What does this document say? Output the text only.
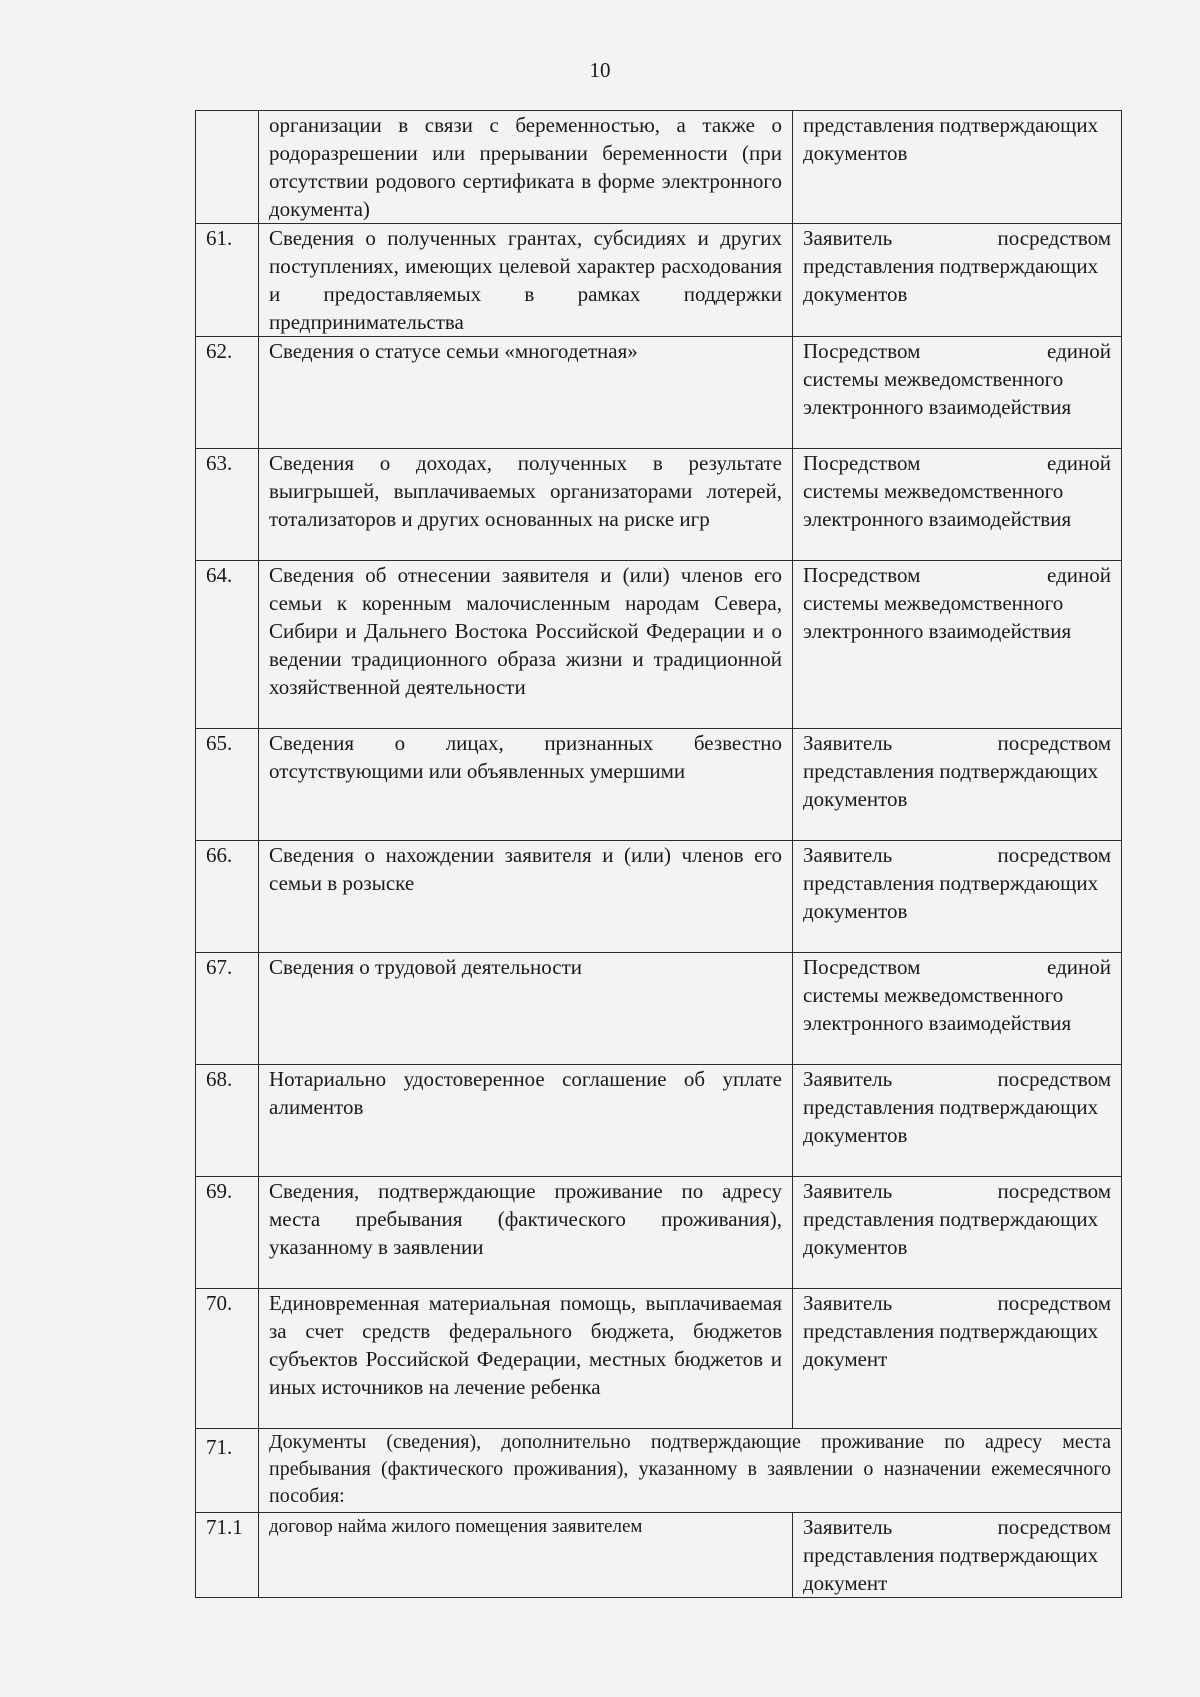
10
	организации в связи с беременностью, а также о родоразрешении или прерывании беременности (при отсутствии родового сертификата в форме электронного документа)	представления подтверждающих документов
61.	Сведения о полученных грантах, субсидиях и других поступлениях, имеющих целевой характер расходования и предоставляемых в рамках поддержки предпринимательства	Заявитель посредством
представления подтверждающих документов
62.	Сведения о статусе семьи «многодетная»	Посредством единой
системы межведомственного электронного взаимодействия
63.	Сведения о доходах, полученных в результате выигрышей, выплачиваемых организаторами лотерей, тотализаторов и других основанных на риске игр	Посредством единой
системы межведомственного электронного взаимодействия
64.	Сведения об отнесении заявителя и (или) членов его семьи к коренным малочисленным народам Севера, Сибири и Дальнего Востока Российской Федерации и о ведении традиционного образа жизни и традиционной хозяйственной деятельности	Посредством единой
системы межведомственного электронного взаимодействия
65.	Сведения о лицах, признанных безвестно отсутствующими или объявленных умершими	Заявитель посредством
представления подтверждающих документов
66.	Сведения о нахождении заявителя и (или) членов его семьи в розыске	Заявитель посредством
представления подтверждающих документов
67.	Сведения о трудовой деятельности	Посредством единой
системы межведомственного электронного взаимодействия
68.	Нотариально удостоверенное соглашение об уплате алиментов	Заявитель посредством
представления подтверждающих документов
69.	Сведения, подтверждающие проживание по адресу места пребывания (фактического проживания), указанному в заявлении	Заявитель посредством
представления подтверждающих документов
70.	Единовременная материальная помощь, выплачиваемая за счет средств федерального бюджета, бюджетов субъектов Российской Федерации, местных бюджетов и иных источников на лечение ребенка	Заявитель посредством
представления подтверждающих документ
71.	Документы (сведения), дополнительно подтверждающие проживание по адресу места пребывания (фактического проживания), указанному в заявлении о назначении ежемесячного пособия:	
71.1	договор найма жилого помещения заявителем	Заявитель посредством
представления подтверждающих документ
